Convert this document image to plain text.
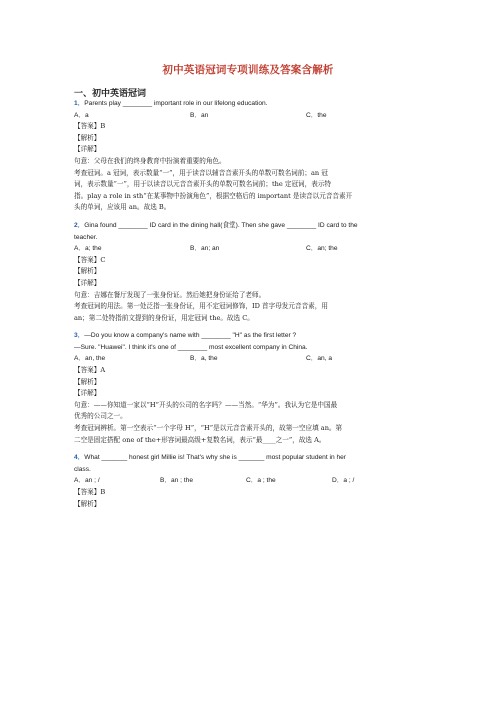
初中英语冠词专项训练及答案含解析
一、初中英语冠词
1．Parents play ________ important role in our lifelong education.
A．a	B．an	C．the
【答案】B
【解析】
【详解】
句意：父母在我们的终身教育中扮演着重要的角色。
考查冠词。a 冠词，表示数量“一”，用于读音以辅音音素开头的单数可数名词前；an 冠
词，表示数量“一”，用于以读音以元音音素开头的单数可数名词前；the 定冠词，表示特
指。play a role in sth“在某事物中扮演角色”，根据空格后的 important 是读音以元音音素开
头的单词，应该用 an。故选 B。
2．Gina found ________ ID card in the dining hall(食堂). Then she gave ________ ID card to the
teacher.
A．a; the	B．an; an	C．an; the
【答案】C
【解析】
【详解】
句意：吉娜在餐厅发现了一张身份证。然后她把身份证给了老师。
考查冠词的用法。第一处泛指一张身份证，用不定冠词修饰，ID 首字母发元音音素，用
an；第二处特指前文提到的身份证，用定冠词 the。故选 C。
3．—Do you know a company's name with ________ "H" as the first letter ?
—Sure. "Huawei". I think it's one of ________ most excellent company in China.
A．an, the	B．a, the	C．an, a
【答案】A
【解析】
【详解】
句意：——你知道一家以“H”开头的公司的名字吗？——当然。“华为”。我认为它是中国最
优秀的公司之一。
考查冠词辨析。第一空表示“一个字母 H”，“H”是以元音音素开头的，故第一空应填 an。第
二空是固定搭配 one of the+形容词最高级+复数名词，表示“最____之一”，故选 A。
4．What _______ honest girl Millie is! That's why she is _______ most popular student in her
class.
A．an ; /	B．an ; the	C．a ; the	D．a ; /
【答案】B
【解析】
